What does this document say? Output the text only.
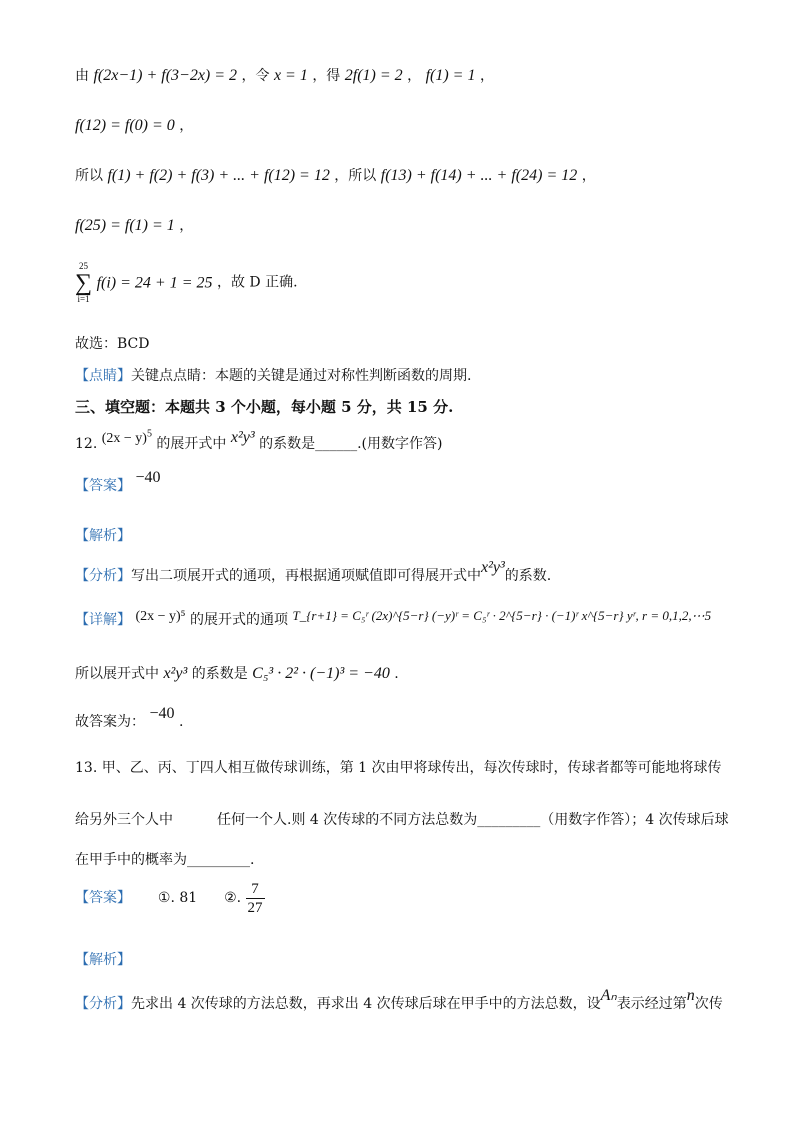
由 f(2x−1) + f(3−2x) = 2 ，令 x = 1 ，得 2f(1) = 2 ， f(1) = 1 ，
f(12) = f(0) = 0 ，
所以 f(1) + f(2) + f(3) + ... + f(12) = 12 ，所以 f(13) + f(14) + ... + f(24) = 12 ，
f(25) = f(1) = 1 ，
25
∑
i=1
f(i) = 24 + 1 = 25 ，故 D 正确.
故选：BCD
【点睛】关键点点睛：本题的关键是通过对称性判断函数的周期.
三、填空题：本题共 3 个小题，每小题 5 分，共 15 分.
12. $(2x - y)^5$ 的展开式中 x²y³ 的系数是______.(用数字作答)
【答案】 −40
【解析】
【分析】写出二项展开式的通项，再根据通项赋值即可得展开式中x²y³的系数.
【详解】 (2x − y)⁵ 的展开式的通项 T_{r+1} = C₅ʳ (2x)^{5−r} (−y)ʳ = C₅ʳ · 2^{5−r} · (−1)ʳ x^{5−r} yʳ, r = 0,1,2,⋯5
所以展开式中 x²y³ 的系数是 C₅³ · 2² · (−1)³ = −40 .
故答案为： −40 .
13. 甲、乙、丙、丁四人相互做传球训练，第 1 次由甲将球传出，每次传球时，传球者都等可能地将球传
给另外三个人中	任何一个人.则 4 次传球的不同方法总数为_________（用数字作答）；4 次传球后球
在甲手中的概率为_________.
【答案】 ①. 81 ②. $\frac{7}{27}$
【解析】
【分析】先求出 4 次传球的方法总数，再求出 4 次传球后球在甲手中的方法总数，设Aₙ表示经过第n次传
